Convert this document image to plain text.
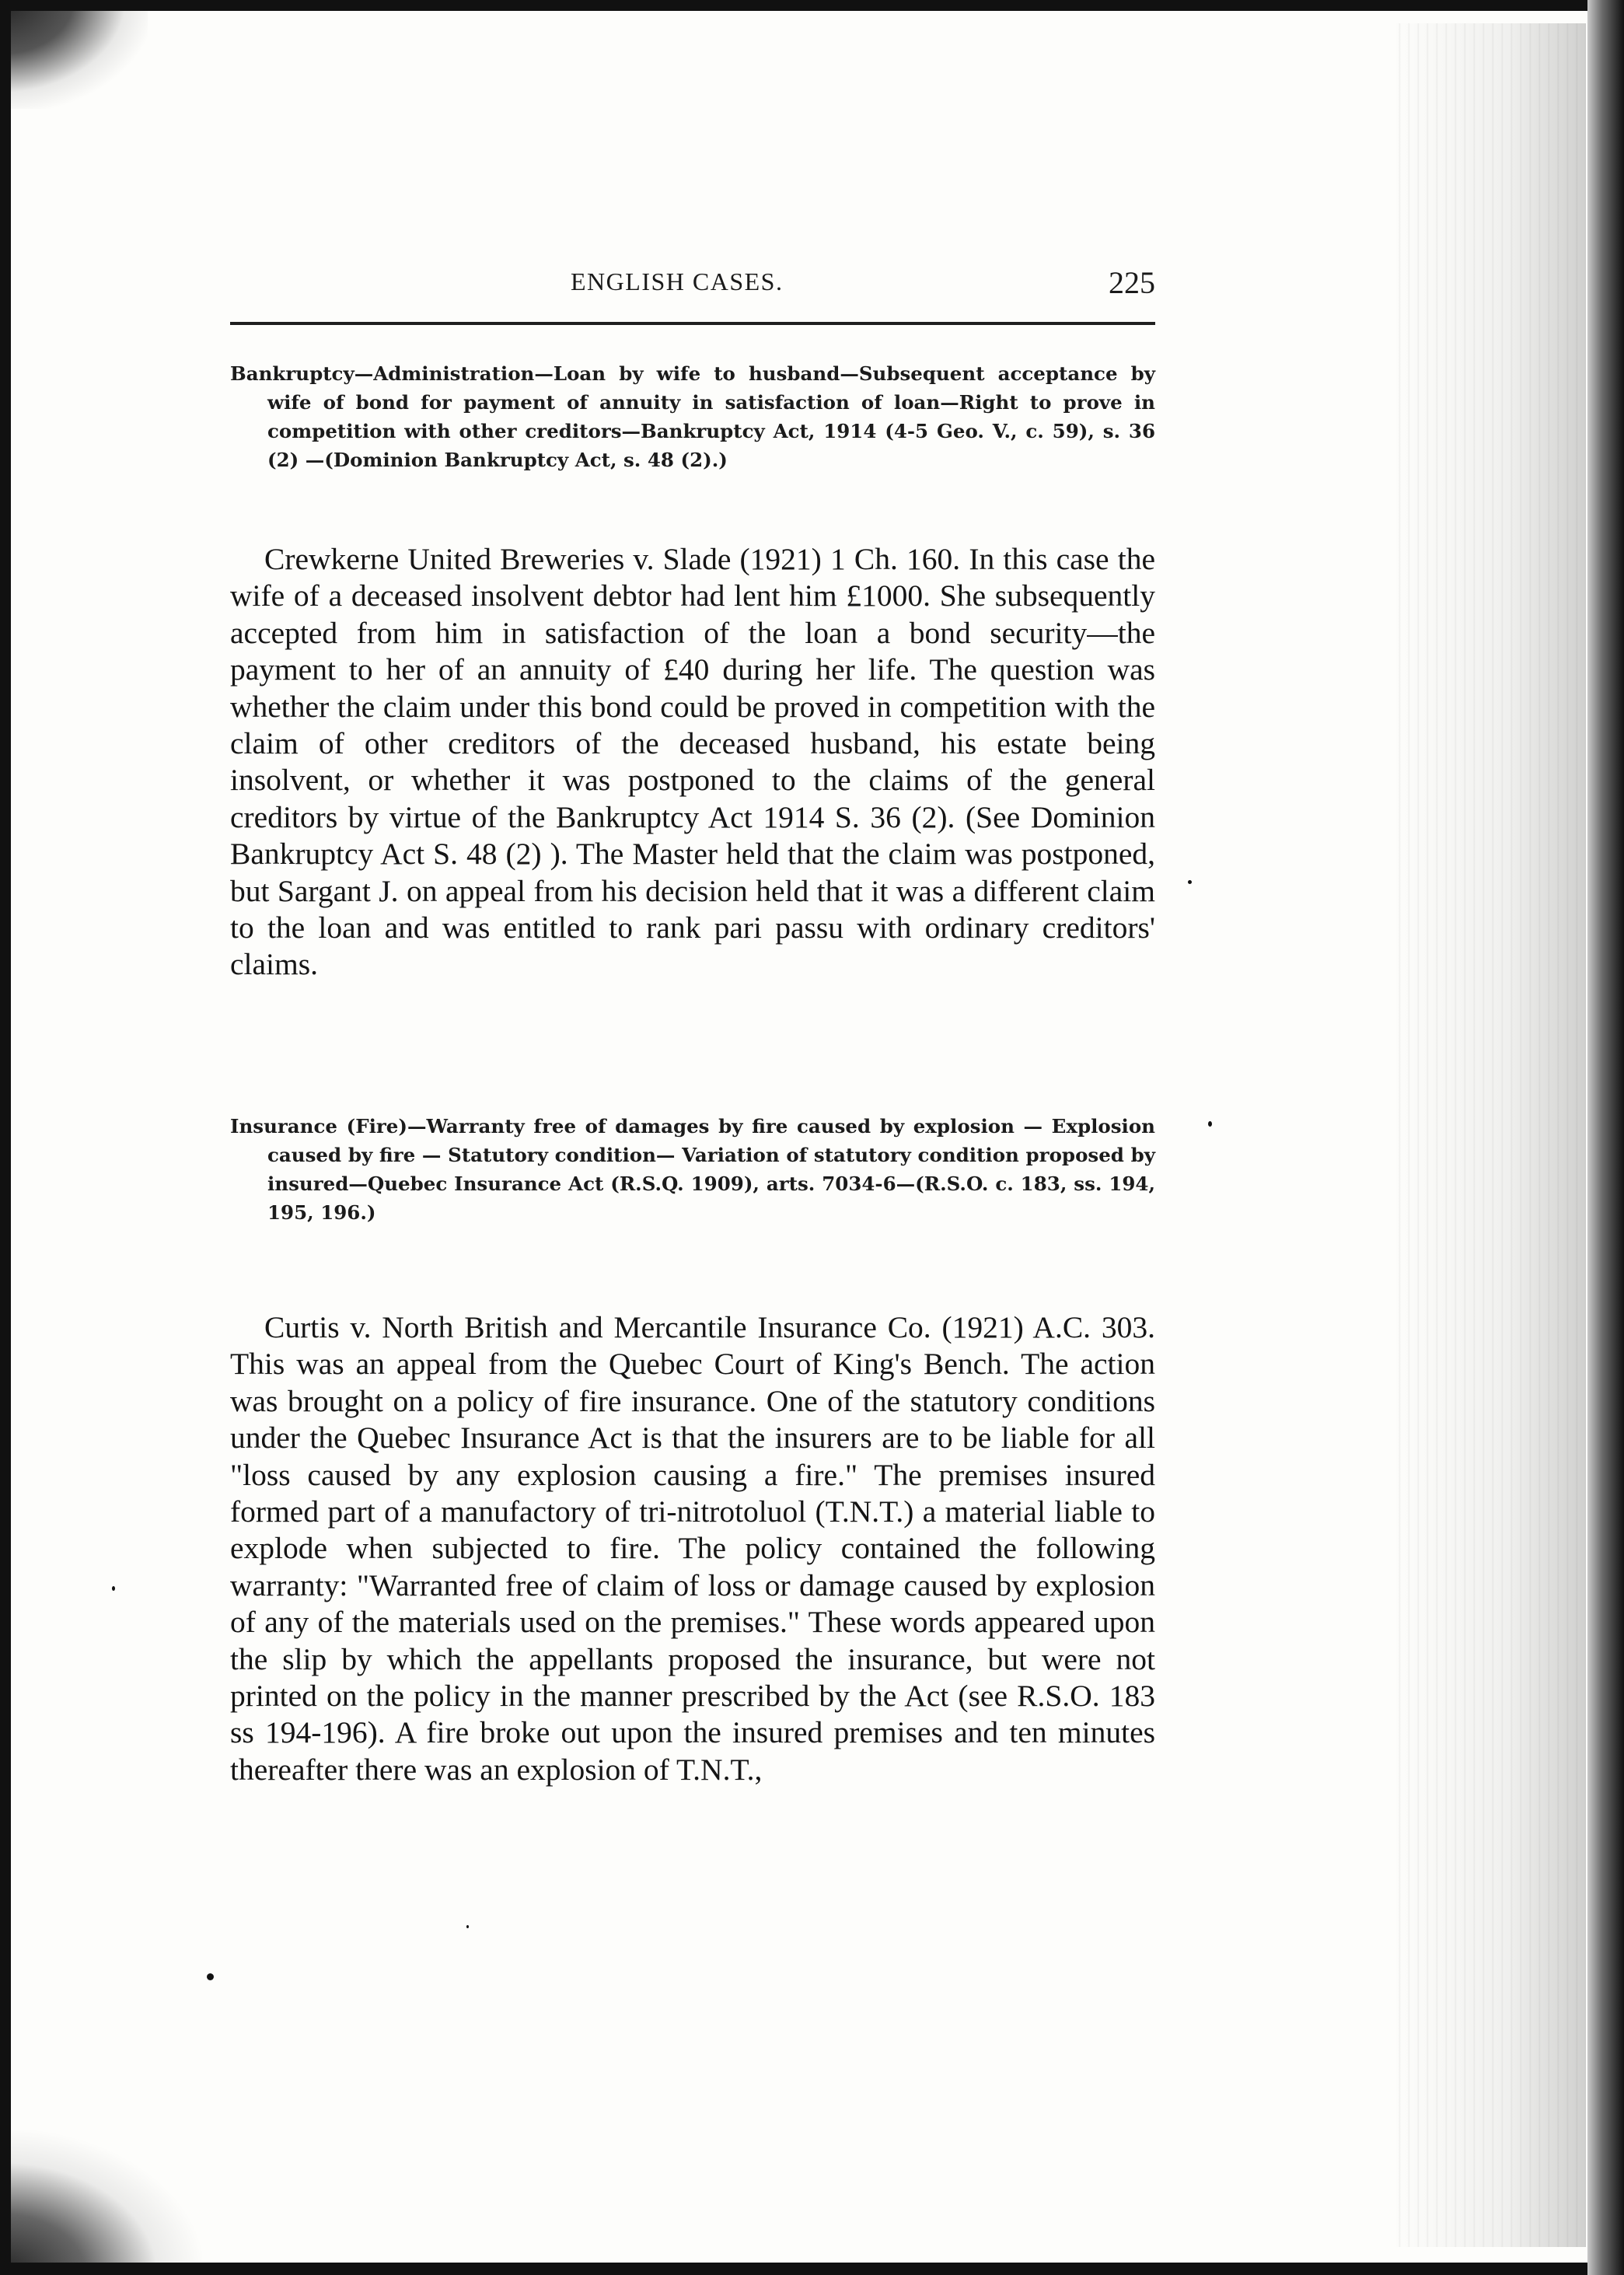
ENGLISH CASES.	225
Bankruptcy—Administration—Loan by wife to husband—Subsequent acceptance by wife of bond for payment of annuity in satisfaction of loan—Right to prove in competition with other creditors—Bankruptcy Act, 1914 (4-5 Geo. V., c. 59), s. 36 (2) —(Dominion Bankruptcy Act, s. 48 (2).)

Crewkerne United Breweries v. Slade (1921) 1 Ch. 160. In this case the wife of a deceased insolvent debtor had lent him £1000. She subsequently accepted from him in satisfaction of the loan a bond security—the payment to her of an annuity of £40 during her life. The question was whether the claim under this bond could be proved in competition with the claim of other creditors of the deceased husband, his estate being insolvent, or whether it was postponed to the claims of the general creditors by virtue of the Bankruptcy Act 1914 S. 36 (2). (See Dominion Bankruptcy Act S. 48 (2) ). The Master held that the claim was postponed, but Sargant J. on appeal from his decision held that it was a different claim to the loan and was entitled to rank pari passu with ordinary creditors' claims.

Insurance (Fire)—Warranty free of damages by fire caused by explosion — Explosion caused by fire — Statutory condition— Variation of statutory condition proposed by insured—Quebec Insurance Act (R.S.Q. 1909), arts. 7034-6—(R.S.O. c. 183, ss. 194, 195, 196.)

Curtis v. North British and Mercantile Insurance Co. (1921) A.C. 303. This was an appeal from the Quebec Court of King's Bench. The action was brought on a policy of fire insurance. One of the statutory conditions under the Quebec Insurance Act is that the insurers are to be liable for all "loss caused by any explosion causing a fire." The premises insured formed part of a manufactory of tri-nitrotoluol (T.N.T.) a material liable to explode when subjected to fire. The policy contained the following warranty: "Warranted free of claim of loss or damage caused by explosion of any of the materials used on the premises." These words appeared upon the slip by which the appellants proposed the insurance, but were not printed on the policy in the manner prescribed by the Act (see R.S.O. 183 ss 194-196). A fire broke out upon the insured premises and ten minutes thereafter there was an explosion of T.N.T.,
